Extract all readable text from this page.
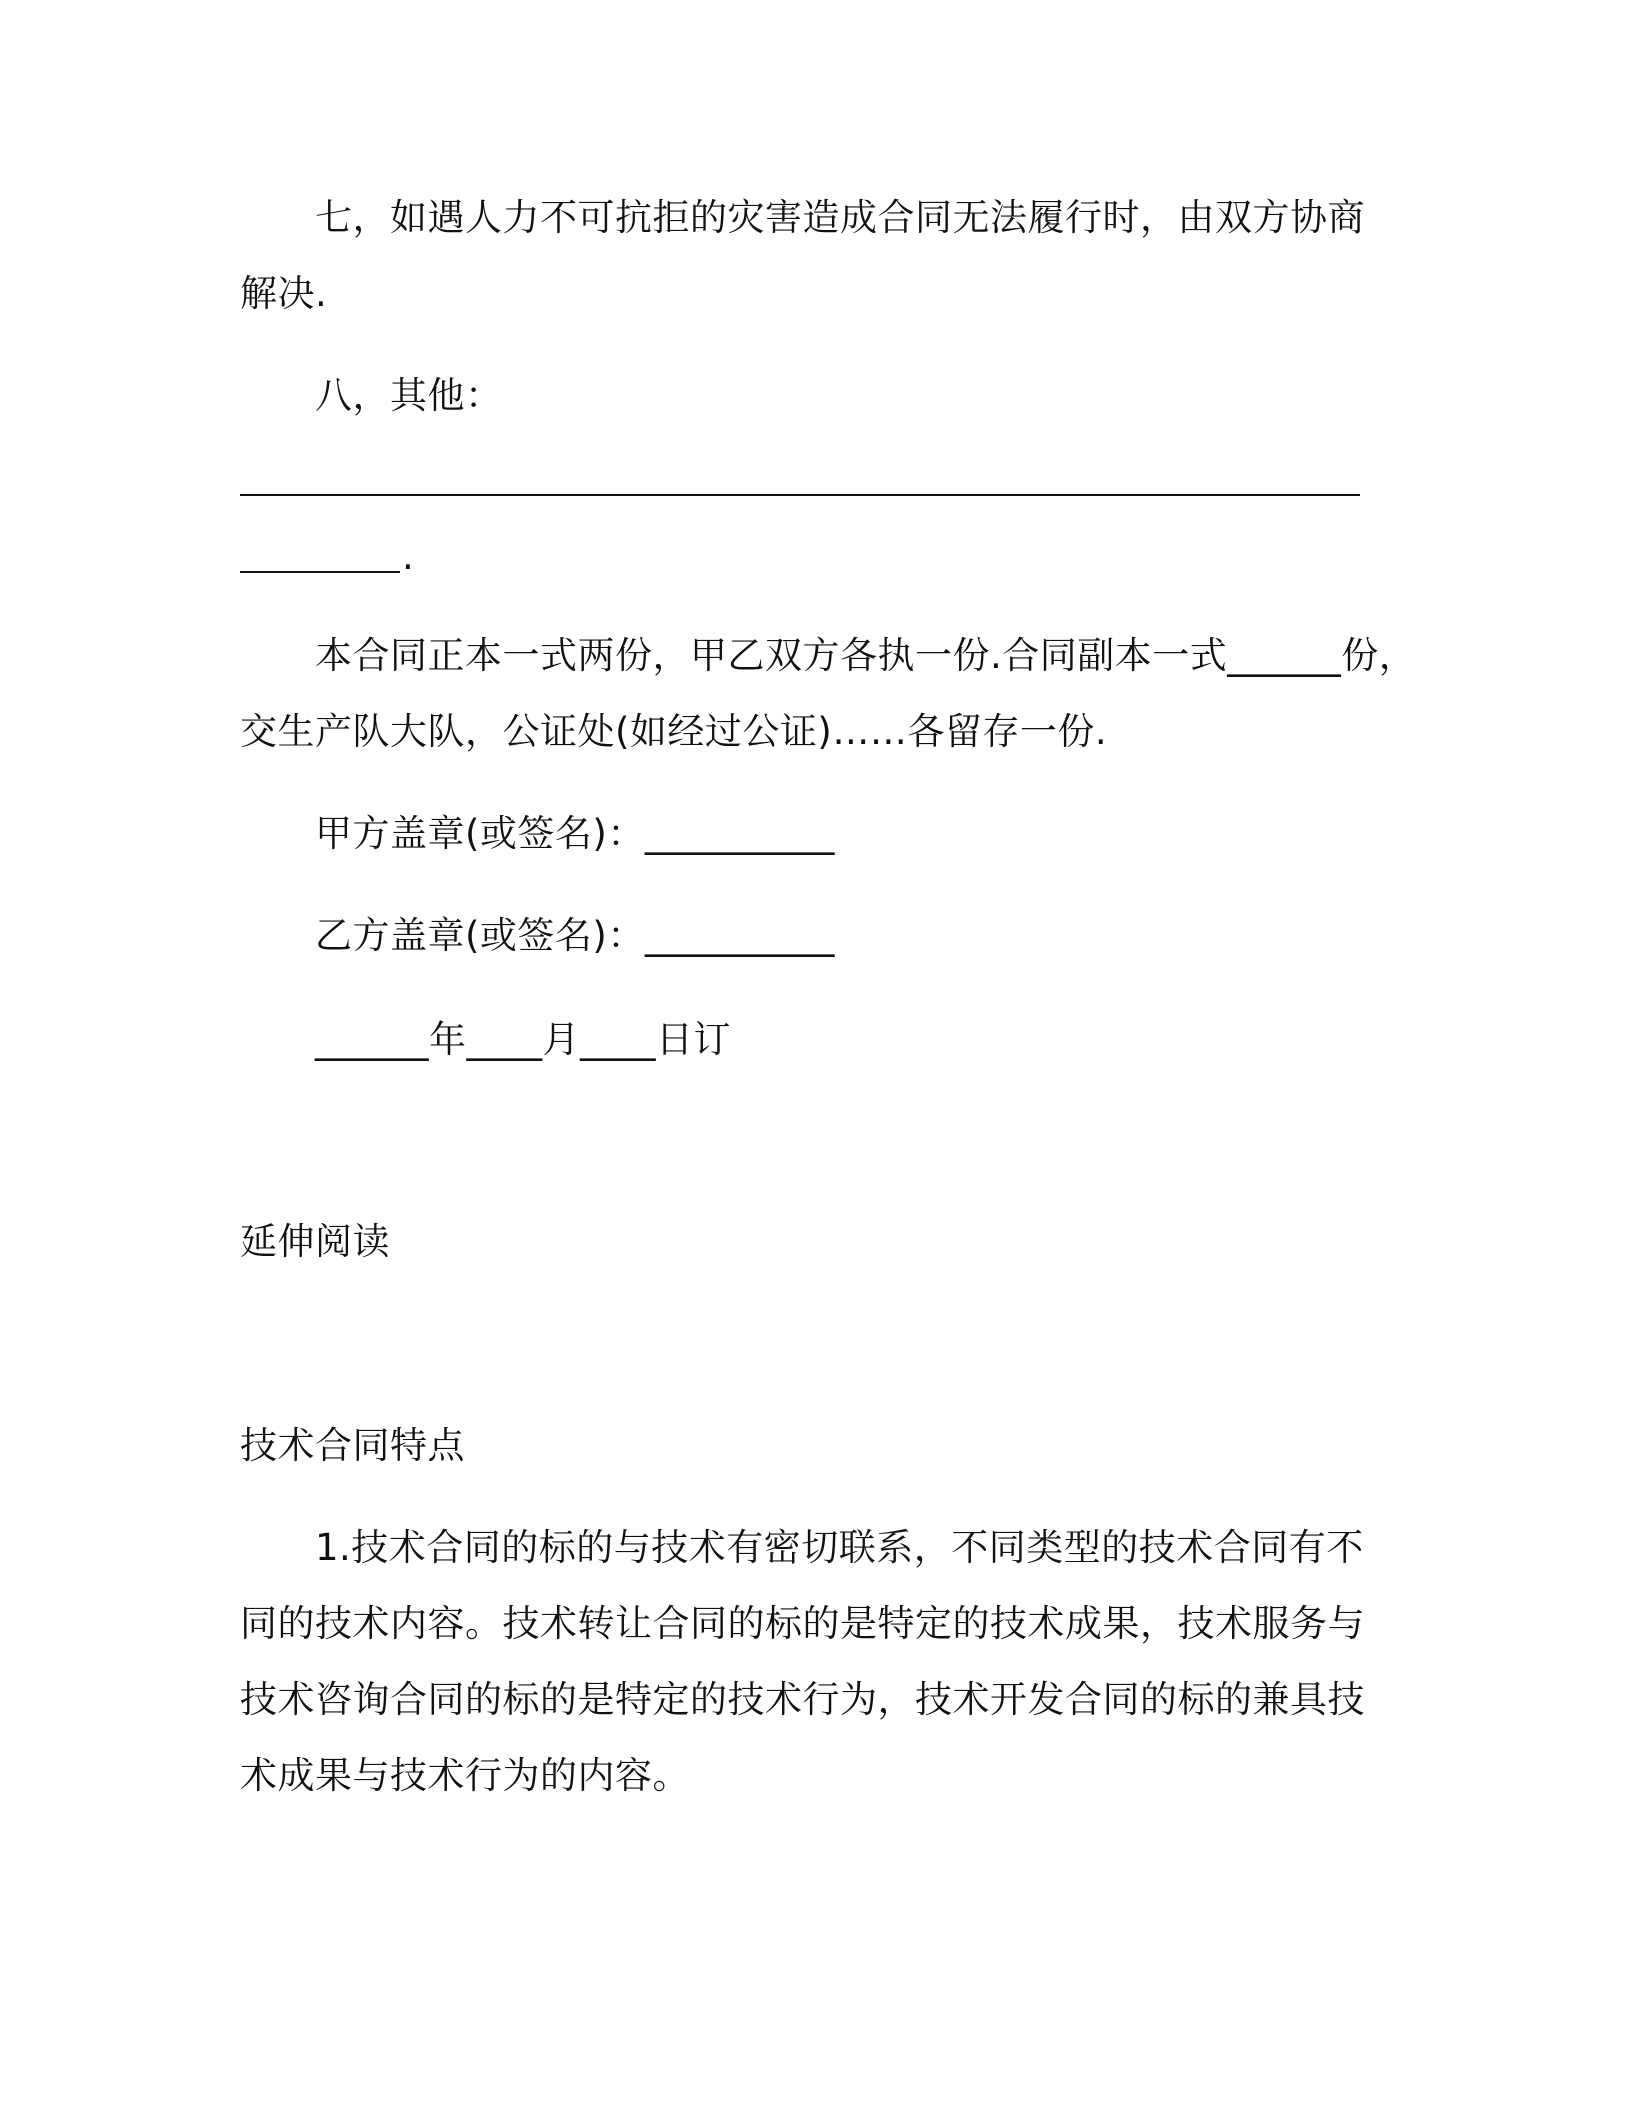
七，如遇人力不可抗拒的灾害造成合同无法履行时，由双方协商
解决.
八，其他：
.
本合同正本一式两份，甲乙双方各执一份.合同副本一式______份，
交生产队大队，公证处(如经过公证)……各留存一份.
甲方盖章(或签名)：__________
乙方盖章(或签名)：__________
______年____月____日订
延伸阅读
技术合同特点
1.技术合同的标的与技术有密切联系，不同类型的技术合同有不
同的技术内容。技术转让合同的标的是特定的技术成果，技术服务与
技术咨询合同的标的是特定的技术行为，技术开发合同的标的兼具技
术成果与技术行为的内容。
